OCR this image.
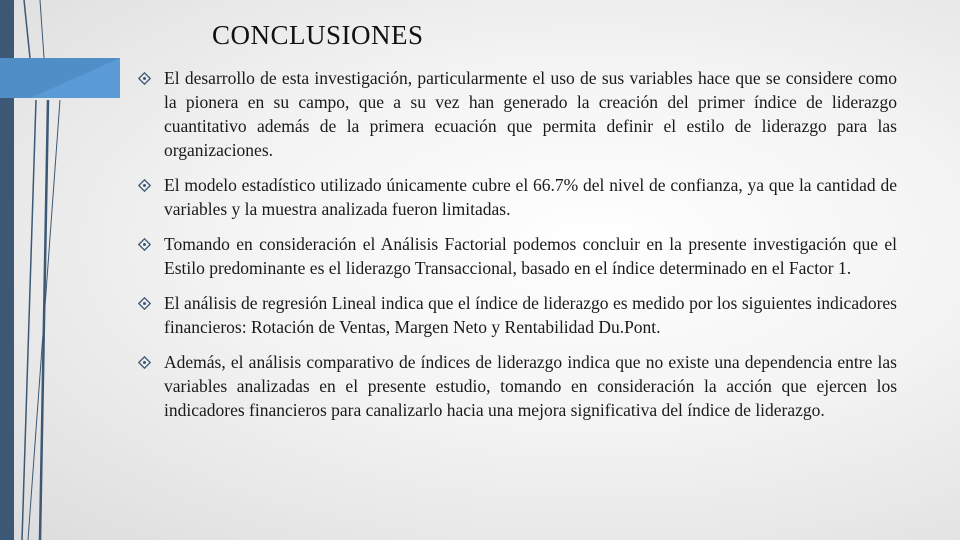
CONCLUSIONES
El desarrollo de esta investigación, particularmente el uso de sus variables hace que se considere como la pionera en su campo, que a su vez han generado la creación del primer índice de liderazgo cuantitativo además de la primera ecuación que permita definir el estilo de liderazgo para las organizaciones.
El modelo estadístico utilizado únicamente cubre el 66.7% del nivel de confianza, ya que la cantidad de variables y la muestra analizada fueron limitadas.
Tomando en consideración el Análisis Factorial podemos concluir en la presente investigación que el Estilo predominante es el liderazgo Transaccional, basado en el índice determinado en el Factor 1.
El análisis de regresión Lineal indica que el índice de liderazgo es medido por los siguientes indicadores financieros: Rotación de Ventas, Margen Neto y Rentabilidad Du.Pont.
Además, el análisis comparativo de índices de liderazgo indica que no existe una dependencia entre las variables analizadas en el presente estudio, tomando en consideración la acción que ejercen los indicadores financieros para canalizarlo hacia una mejora significativa del índice de liderazgo.
